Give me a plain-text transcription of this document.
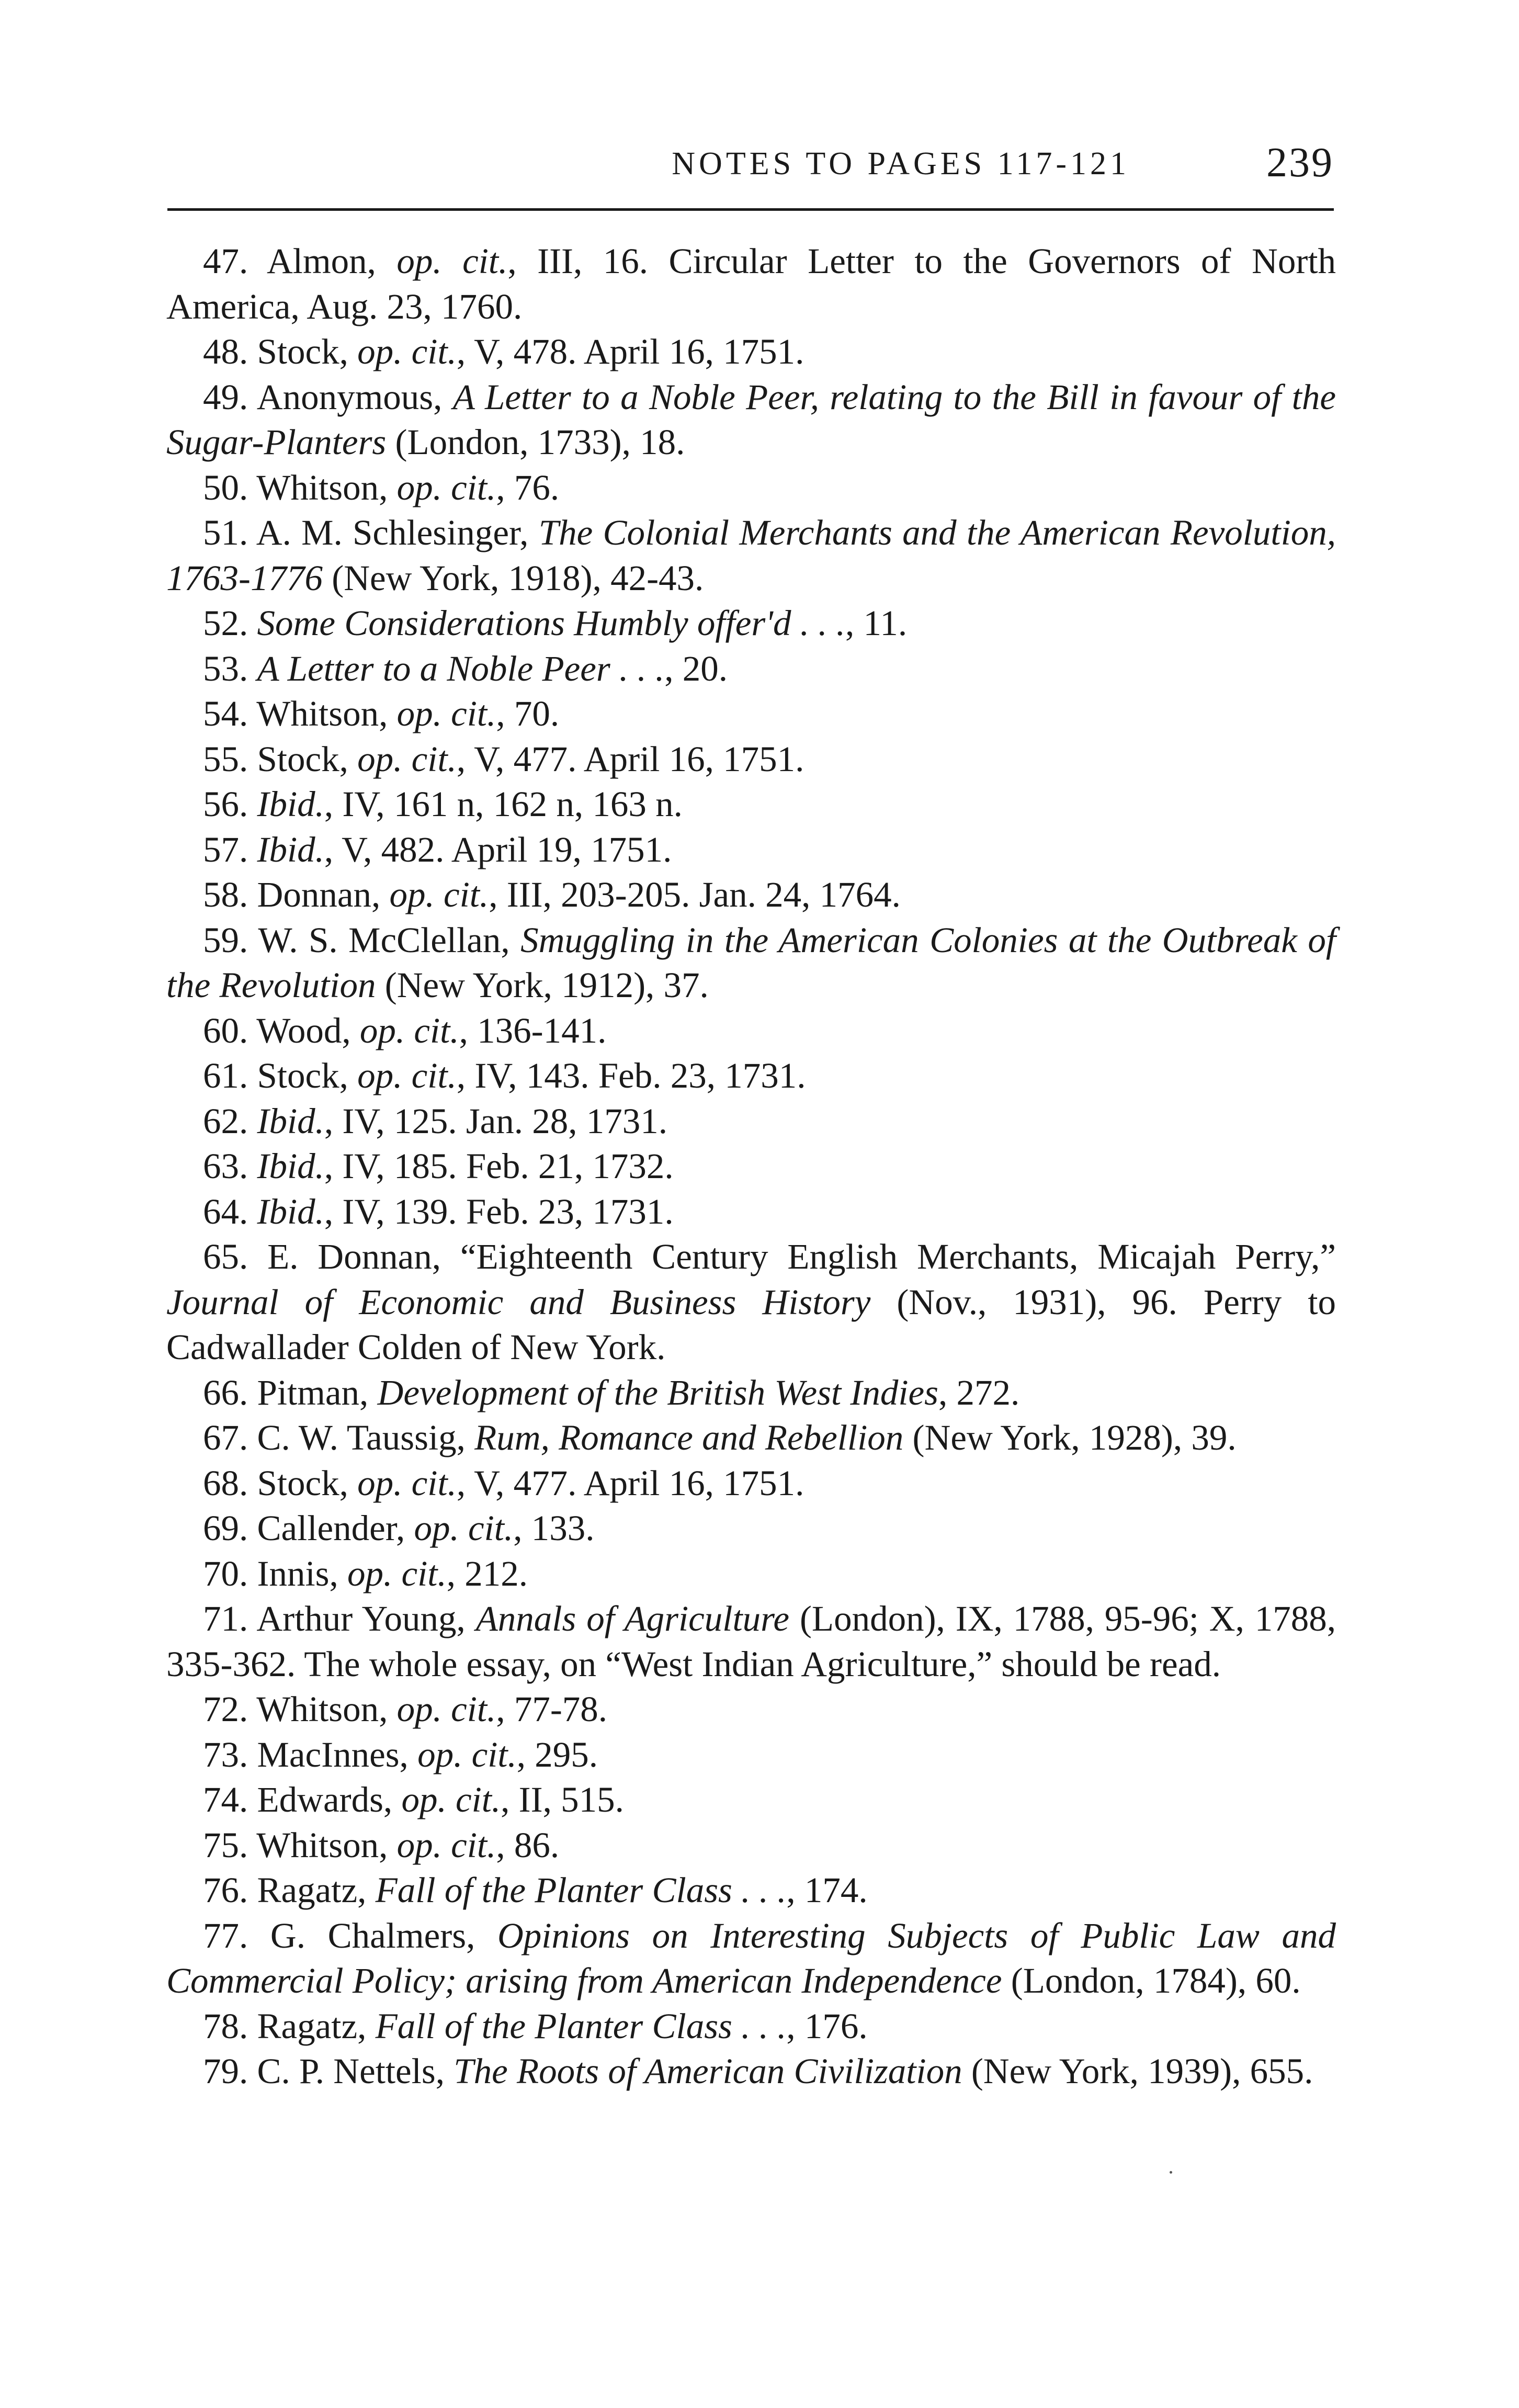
NOTES TO PAGES 117-121	239
47. Almon, op. cit., III, 16. Circular Letter to the Governors of North America, Aug. 23, 1760.
48. Stock, op. cit., V, 478. April 16, 1751.
49. Anonymous, A Letter to a Noble Peer, relating to the Bill in favour of the Sugar-Planters (London, 1733), 18.
50. Whitson, op. cit., 76.
51. A. M. Schlesinger, The Colonial Merchants and the American Revolution, 1763-1776 (New York, 1918), 42-43.
52. Some Considerations Humbly offer'd . . ., 11.
53. A Letter to a Noble Peer . . ., 20.
54. Whitson, op. cit., 70.
55. Stock, op. cit., V, 477. April 16, 1751.
56. Ibid., IV, 161 n, 162 n, 163 n.
57. Ibid., V, 482. April 19, 1751.
58. Donnan, op. cit., III, 203-205. Jan. 24, 1764.
59. W. S. McClellan, Smuggling in the American Colonies at the Outbreak of the Revolution (New York, 1912), 37.
60. Wood, op. cit., 136-141.
61. Stock, op. cit., IV, 143. Feb. 23, 1731.
62. Ibid., IV, 125. Jan. 28, 1731.
63. Ibid., IV, 185. Feb. 21, 1732.
64. Ibid., IV, 139. Feb. 23, 1731.
65. E. Donnan, “Eighteenth Century English Merchants, Micajah Perry,” Journal of Economic and Business History (Nov., 1931), 96. Perry to Cadwallader Colden of New York.
66. Pitman, Development of the British West Indies, 272.
67. C. W. Taussig, Rum, Romance and Rebellion (New York, 1928), 39.
68. Stock, op. cit., V, 477. April 16, 1751.
69. Callender, op. cit., 133.
70. Innis, op. cit., 212.
71. Arthur Young, Annals of Agriculture (London), IX, 1788, 95-96; X, 1788, 335-362. The whole essay, on “West Indian Agriculture,” should be read.
72. Whitson, op. cit., 77-78.
73. MacInnes, op. cit., 295.
74. Edwards, op. cit., II, 515.
75. Whitson, op. cit., 86.
76. Ragatz, Fall of the Planter Class . . ., 174.
77. G. Chalmers, Opinions on Interesting Subjects of Public Law and Commercial Policy; arising from American Independence (London, 1784), 60.
78. Ragatz, Fall of the Planter Class . . ., 176.
79. C. P. Nettels, The Roots of American Civilization (New York, 1939), 655.
